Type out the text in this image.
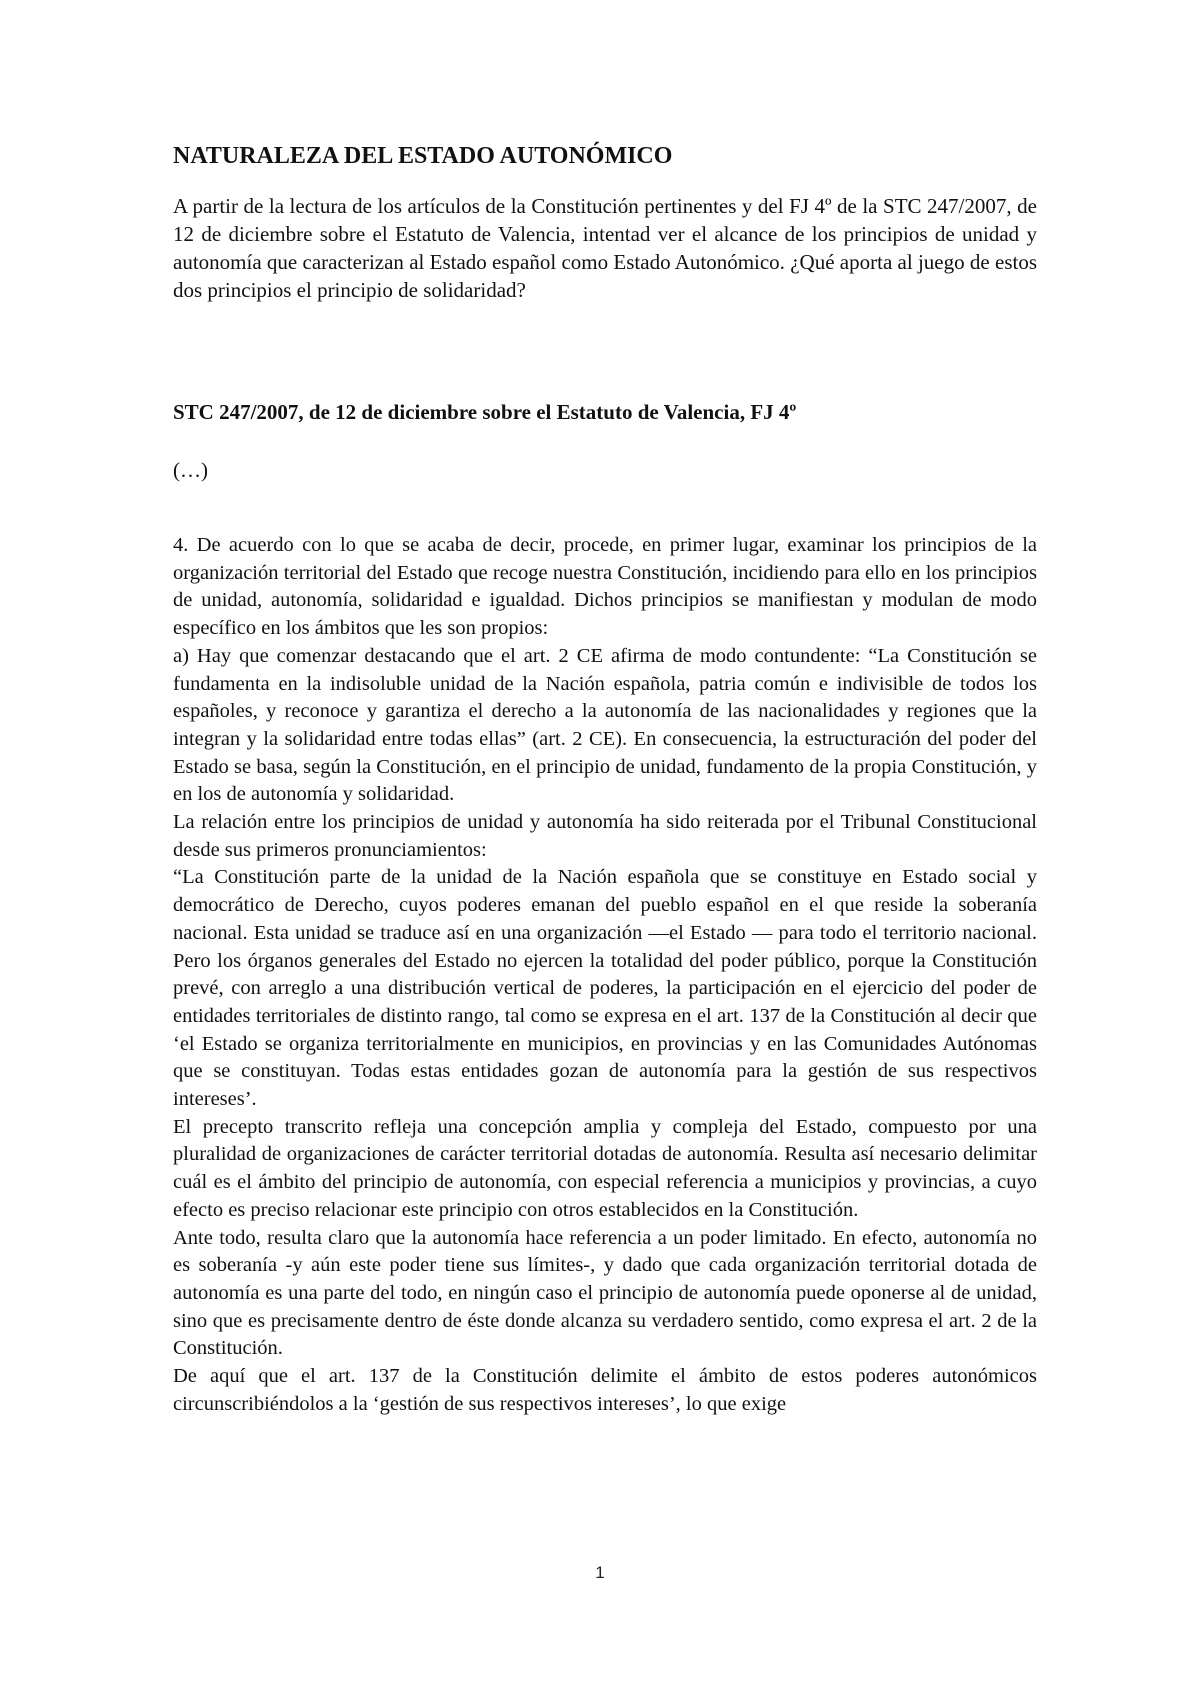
NATURALEZA DEL ESTADO AUTONÓMICO

A partir de la lectura de los artículos de la Constitución pertinentes y del FJ 4º de la STC 247/2007, de 12 de diciembre sobre el Estatuto de Valencia, intentad ver el alcance de los principios de unidad y autonomía que caracterizan al Estado español como Estado Autonómico. ¿Qué aporta al juego de estos dos principios el principio de solidaridad?

STC 247/2007, de 12 de diciembre sobre el Estatuto de Valencia, FJ 4º

(…)

4. De acuerdo con lo que se acaba de decir, procede, en primer lugar, examinar los principios de la organización territorial del Estado que recoge nuestra Constitución, incidiendo para ello en los principios de unidad, autonomía, solidaridad e igualdad. Dichos principios se manifiestan y modulan de modo específico en los ámbitos que les son propios:

a) Hay que comenzar destacando que el art. 2 CE afirma de modo contundente: “La Constitución se fundamenta en la indisoluble unidad de la Nación española, patria común e indivisible de todos los españoles, y reconoce y garantiza el derecho a la autonomía de las nacionalidades y regiones que la integran y la solidaridad entre todas ellas” (art. 2 CE). En consecuencia, la estructuración del poder del Estado se basa, según la Constitución, en el principio de unidad, fundamento de la propia Constitución, y en los de autonomía y solidaridad.

La relación entre los principios de unidad y autonomía ha sido reiterada por el Tribunal Constitucional desde sus primeros pronunciamientos:

“La Constitución parte de la unidad de la Nación española que se constituye en Estado social y democrático de Derecho, cuyos poderes emanan del pueblo español en el que reside la soberanía nacional. Esta unidad se traduce así en una organización —el Estado — para todo el territorio nacional. Pero los órganos generales del Estado no ejercen la totalidad del poder público, porque la Constitución prevé, con arreglo a una distribución vertical de poderes, la participación en el ejercicio del poder de entidades territoriales de distinto rango, tal como se expresa en el art. 137 de la Constitución al decir que ‘el Estado se organiza territorialmente en municipios, en provincias y en las Comunidades Autónomas que se constituyan. Todas estas entidades gozan de autonomía para la gestión de sus respectivos intereses’.

El precepto transcrito refleja una concepción amplia y compleja del Estado, compuesto por una pluralidad de organizaciones de carácter territorial dotadas de autonomía. Resulta así necesario delimitar cuál es el ámbito del principio de autonomía, con especial referencia a municipios y provincias, a cuyo efecto es preciso relacionar este principio con otros establecidos en la Constitución.

Ante todo, resulta claro que la autonomía hace referencia a un poder limitado. En efecto, autonomía no es soberanía -y aún este poder tiene sus límites-, y dado que cada organización territorial dotada de autonomía es una parte del todo, en ningún caso el principio de autonomía puede oponerse al de unidad, sino que es precisamente dentro de éste donde alcanza su verdadero sentido, como expresa el art. 2 de la Constitución.

De aquí que el art. 137 de la Constitución delimite el ámbito de estos poderes autonómicos circunscribiéndolos a la ‘gestión de sus respectivos intereses’, lo que exige

1
